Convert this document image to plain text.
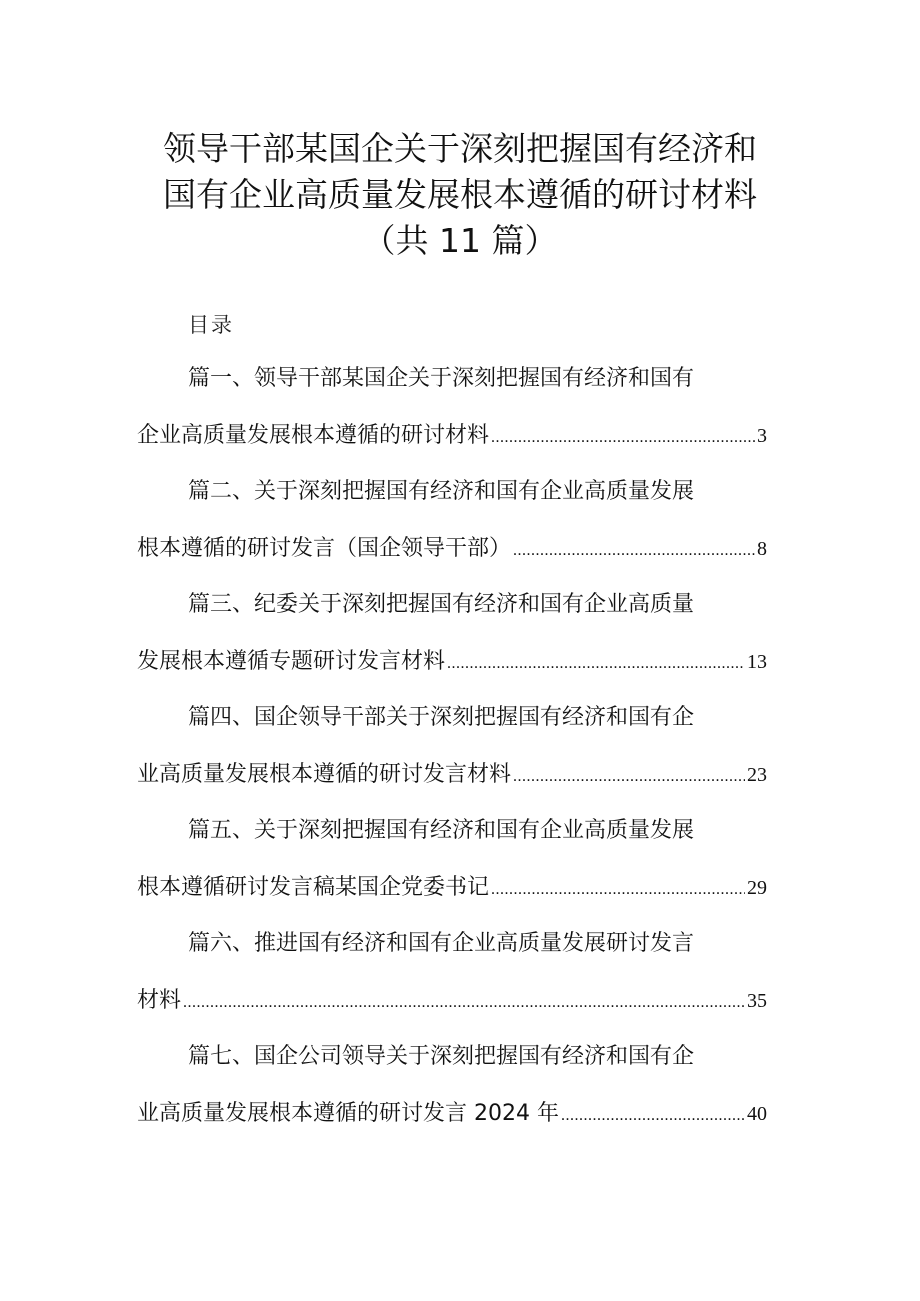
领导干部某国企关于深刻把握国有经济和
国有企业高质量发展根本遵循的研讨材料
（共 11 篇）
目录
篇一、领导干部某国企关于深刻把握国有经济和国有
企业高质量发展根本遵循的研讨材料 .....	3
篇二、关于深刻把握国有经济和国有企业高质量发展
根本遵循的研讨发言（国企领导干部） .....	8
篇三、纪委关于深刻把握国有经济和国有企业高质量
发展根本遵循专题研讨发言材料 .....	13
篇四、国企领导干部关于深刻把握国有经济和国有企
业高质量发展根本遵循的研讨发言材料 .....	23
篇五、关于深刻把握国有经济和国有企业高质量发展
根本遵循研讨发言稿某国企党委书记 .....	29
篇六、推进国有经济和国有企业高质量发展研讨发言
材料 .....	35
篇七、国企公司领导关于深刻把握国有经济和国有企
业高质量发展根本遵循的研讨发言 2024 年 .....	40
